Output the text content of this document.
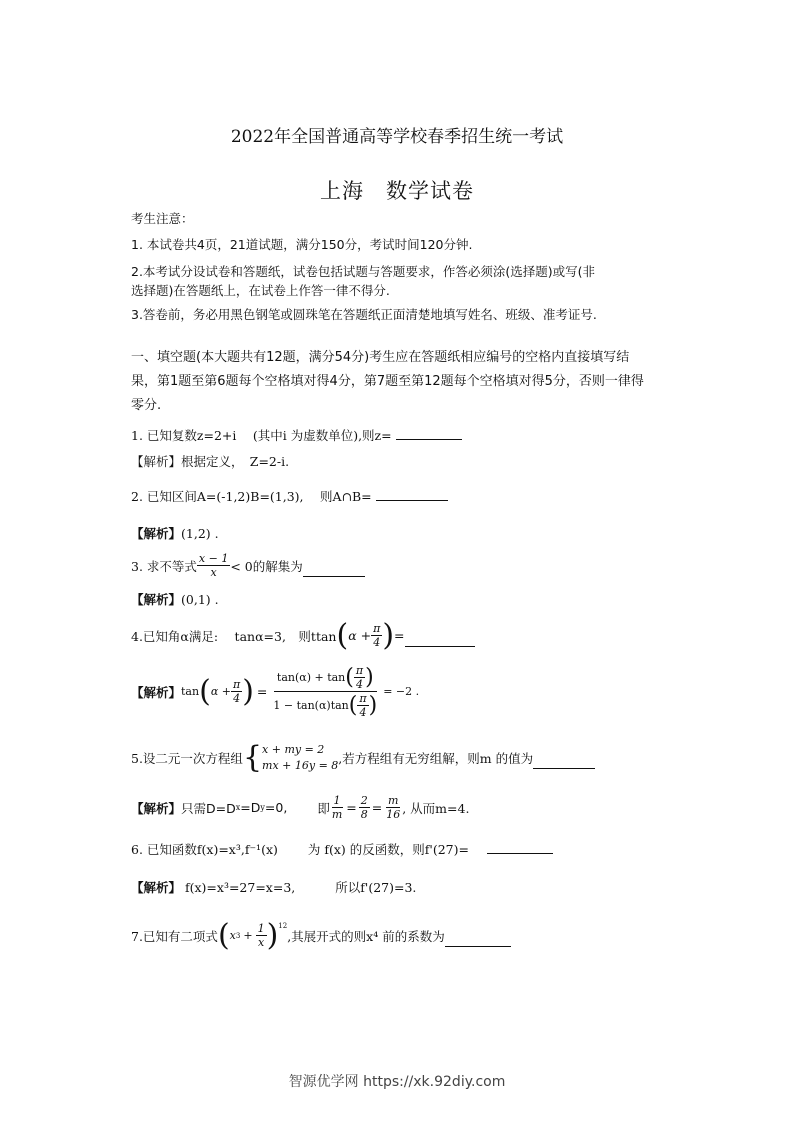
2022年全国普通高等学校春季招生统一考试
上海　数学试卷
考生注意：
1. 本试卷共4页，21道试题，满分150分，考试时间120分钟.
2.本考试分设试卷和答题纸，试卷包括试题与答题要求，作答必须涂(选择题)或写(非
选择题)在答题纸上，在试卷上作答一律不得分.
3.答卷前，务必用黑色钢笔或圆珠笔在答题纸正面清楚地填写姓名、班级、准考证号.
一、填空题(本大题共有12题，满分54分)考生应在答题纸相应编号的空格内直接填写结果，第1题至第6题每个空格填对得4分，第7题至第12题每个空格填对得5分，否则一律得零分.
1. 已知复数z=2+i　 (其中i 为虚数单位),则z=
【解析】根据定义，　Z=2-i.
2. 已知区间A=(-1,2)B=(1,3),　 则A∩B=
【解析】(1,2) .
3. 求不等式 $\frac{x - 1}{x} < 0$的解集为
【解析】(0,1) .
4.已知角α满足:　 tanα=3,　则ttan ( $\alpha + \frac{\pi}{4}$ ) =
【解析】 tan ( $\alpha + \frac{\pi}{4}$ ) =
tan(α) + tan ( $\frac{\pi}{4}$ )
1 − tan(α)tan ( $\frac{\pi}{4}$ )
= −2 .
5.设二元一次方程组 { x + my = 2
mx + 16y = 8 ,若方程组有无穷组解，则m 的值为
【解析】 只需D=D x =D y =0, 即 $\frac{1}{m} = \frac{2}{8} = \frac{m}{16}$ , 从而m=4.
6. 已知函数f(x)=x³,f⁻¹(x) 为 f(x) 的反函数，则f'(27)=
【解析】 f(x)=x³=27=x=3,	所以f'(27)=3.
7.已知有二项式 ( x $3 + \frac{1}{x} )^{12}$
,其展开式的则x⁴ 前的系数为
智源优学网 https://xk.92diy.com
